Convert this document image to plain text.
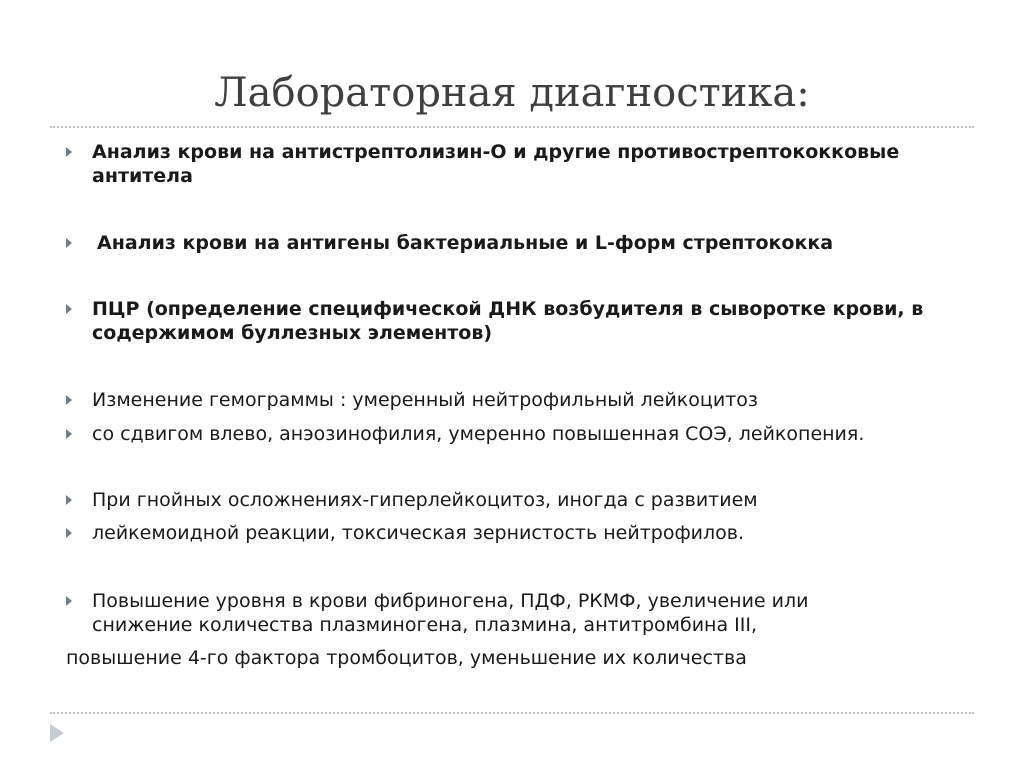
Лабораторная диагностика:
Анализ крови на антистрептолизин-О и другие противострептококковые
антитела
Анализ крови на антигены бактериальные и L-форм стрептококка
ПЦР (определение специфической ДНК возбудителя в сыворотке крови, в
содержимом буллезных элементов)
Изменение гемограммы : умеренный нейтрофильный лейкоцитоз
со сдвигом влево, анэозинофилия, умеренно повышенная СОЭ, лейкопения.
При гнойных осложнениях-гиперлейкоцитоз, иногда с развитием
лейкемоидной реакции, токсическая зернистость нейтрофилов.
Повышение уровня в крови фибриногена, ПДФ, РКМФ, увеличение или
снижение количества плазминогена, плазмина, антитромбина III,
повышение 4-го фактора тромбоцитов, уменьшение их количества
